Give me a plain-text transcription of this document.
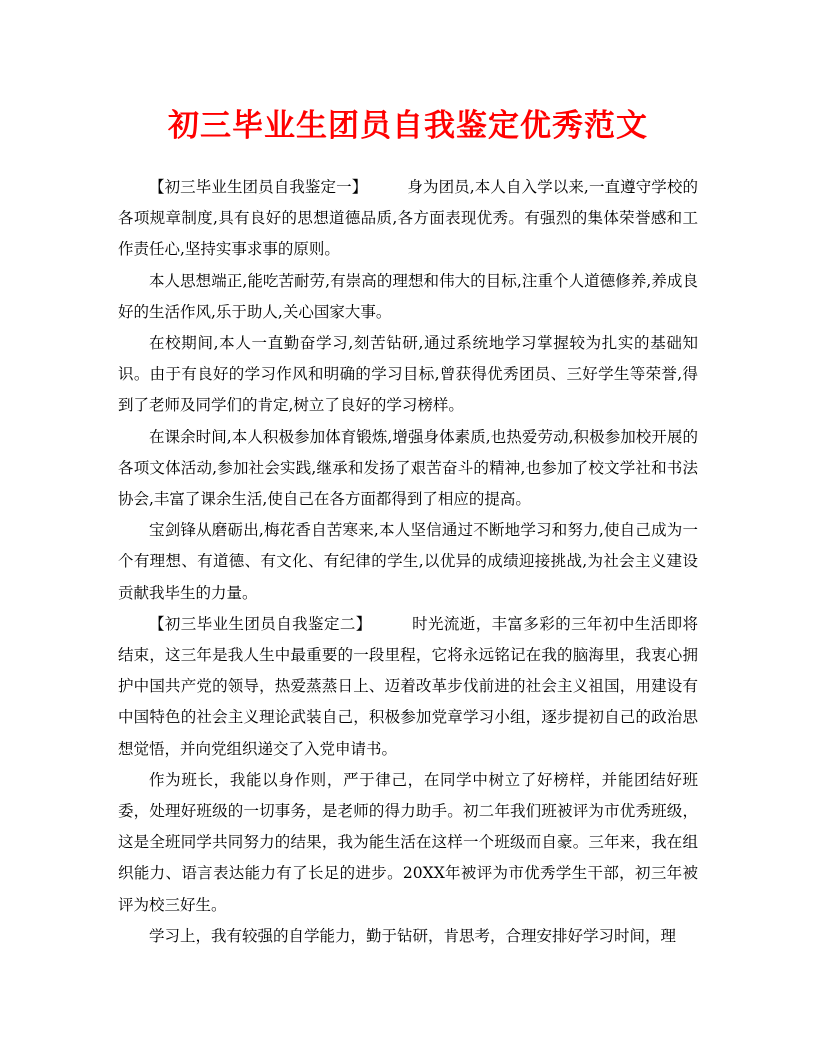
初三毕业生团员自我鉴定优秀范文

【初三毕业生团员自我鉴定一】	身为团员,本人自入学以来,一直遵守学校的各项规章制度,具有良好的思想道德品质,各方面表现优秀。有强烈的集体荣誉感和工作责任心,坚持实事求事的原则。

本人思想端正,能吃苦耐劳,有崇高的理想和伟大的目标,注重个人道德修养,养成良好的生活作风,乐于助人,关心国家大事。

在校期间,本人一直勤奋学习,刻苦钻研,通过系统地学习掌握较为扎实的基础知识。由于有良好的学习作风和明确的学习目标,曾获得优秀团员、三好学生等荣誉,得到了老师及同学们的肯定,树立了良好的学习榜样。

在课余时间,本人积极参加体育锻炼,增强身体素质,也热爱劳动,积极参加校开展的各项文体活动,参加社会实践,继承和发扬了艰苦奋斗的精神,也参加了校文学社和书法协会,丰富了课余生活,使自己在各方面都得到了相应的提高。

宝剑锋从磨砺出,梅花香自苦寒来,本人坚信通过不断地学习和努力,使自己成为一个有理想、有道德、有文化、有纪律的学生,以优异的成绩迎接挑战,为社会主义建设贡献我毕生的力量。

【初三毕业生团员自我鉴定二】	时光流逝，丰富多彩的三年初中生活即将结束，这三年是我人生中最重要的一段里程，它将永远铭记在我的脑海里，我衷心拥护中国共产党的领导，热爱蒸蒸日上、迈着改革步伐前进的社会主义祖国，用建设有中国特色的社会主义理论武装自己，积极参加党章学习小组，逐步提初自己的政治思想觉悟，并向党组织递交了入党申请书。

作为班长，我能以身作则，严于律己，在同学中树立了好榜样，并能团结好班委，处理好班级的一切事务，是老师的得力助手。初二年我们班被评为市优秀班级，这是全班同学共同努力的结果，我为能生活在这样一个班级而自豪。三年来，我在组织能力、语言表达能力有了长足的进步。20XX年被评为市优秀学生干部，初三年被评为校三好生。

学习上，我有较强的自学能力，勤于钻研，肯思考，合理安排好学习时间，理
